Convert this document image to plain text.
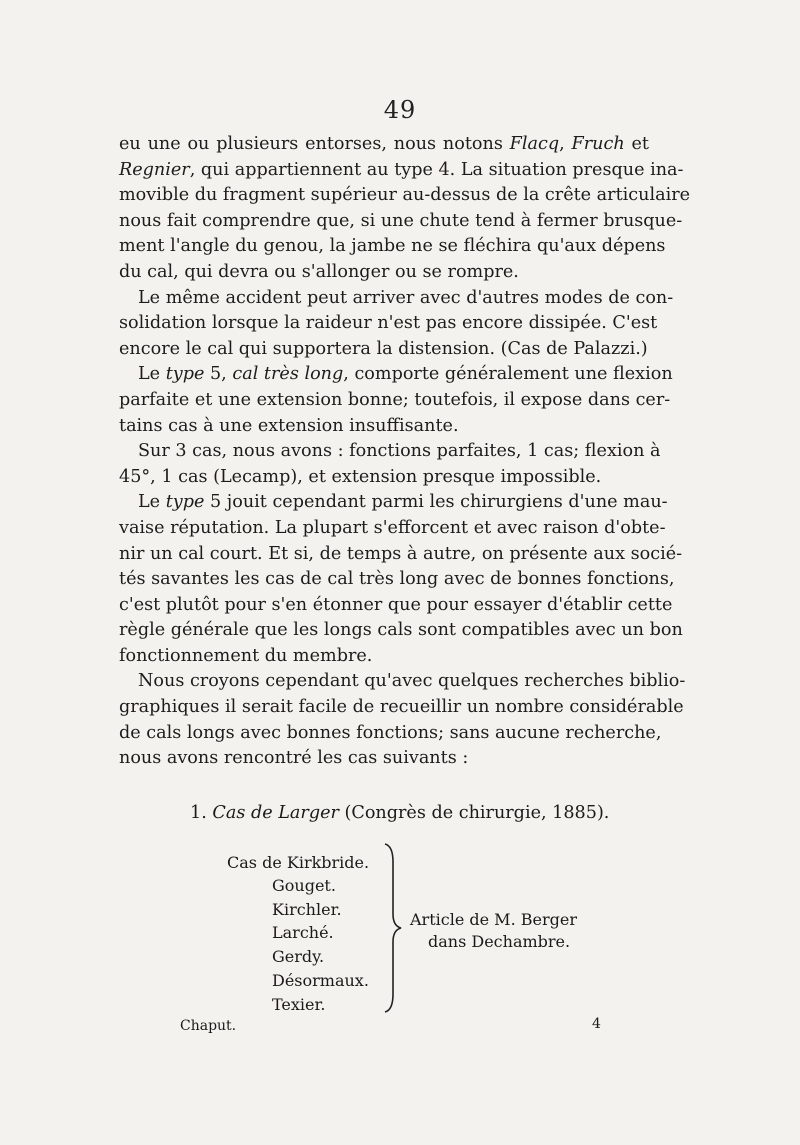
49
eu une ou plusieurs entorses, nous notons Flacq, Fruch et
Regnier, qui appartiennent au type 4. La situation presque ina-
movible du fragment supérieur au-dessus de la crête articulaire
nous fait comprendre que, si une chute tend à fermer brusque-
ment l'angle du genou, la jambe ne se fléchira qu'aux dépens
du cal, qui devra ou s'allonger ou se rompre.
Le même accident peut arriver avec d'autres modes de con-
solidation lorsque la raideur n'est pas encore dissipée. C'est
encore le cal qui supportera la distension. (Cas de Palazzi.)
Le type 5, cal très long, comporte généralement une flexion
parfaite et une extension bonne; toutefois, il expose dans cer-
tains cas à une extension insuffisante.
Sur 3 cas, nous avons : fonctions parfaites, 1 cas; flexion à
45°, 1 cas (Lecamp), et extension presque impossible.
Le type 5 jouit cependant parmi les chirurgiens d'une mau-
vaise réputation. La plupart s'efforcent et avec raison d'obte-
nir un cal court. Et si, de temps à autre, on présente aux socié-
tés savantes les cas de cal très long avec de bonnes fonctions,
c'est plutôt pour s'en étonner que pour essayer d'établir cette
règle générale que les longs cals sont compatibles avec un bon
fonctionnement du membre.
Nous croyons cependant qu'avec quelques recherches biblio-
graphiques il serait facile de recueillir un nombre considérable
de cals longs avec bonnes fonctions; sans aucune recherche,
nous avons rencontré les cas suivants :
1. Cas de Larger (Congrès de chirurgie, 1885).
Cas de Kirkbride.
Gouget.
Kirchler.
Larché.
Gerdy.
Désormaux.
Texier.
Article de M. Berger
dans Dechambre.
Chaput.	4
